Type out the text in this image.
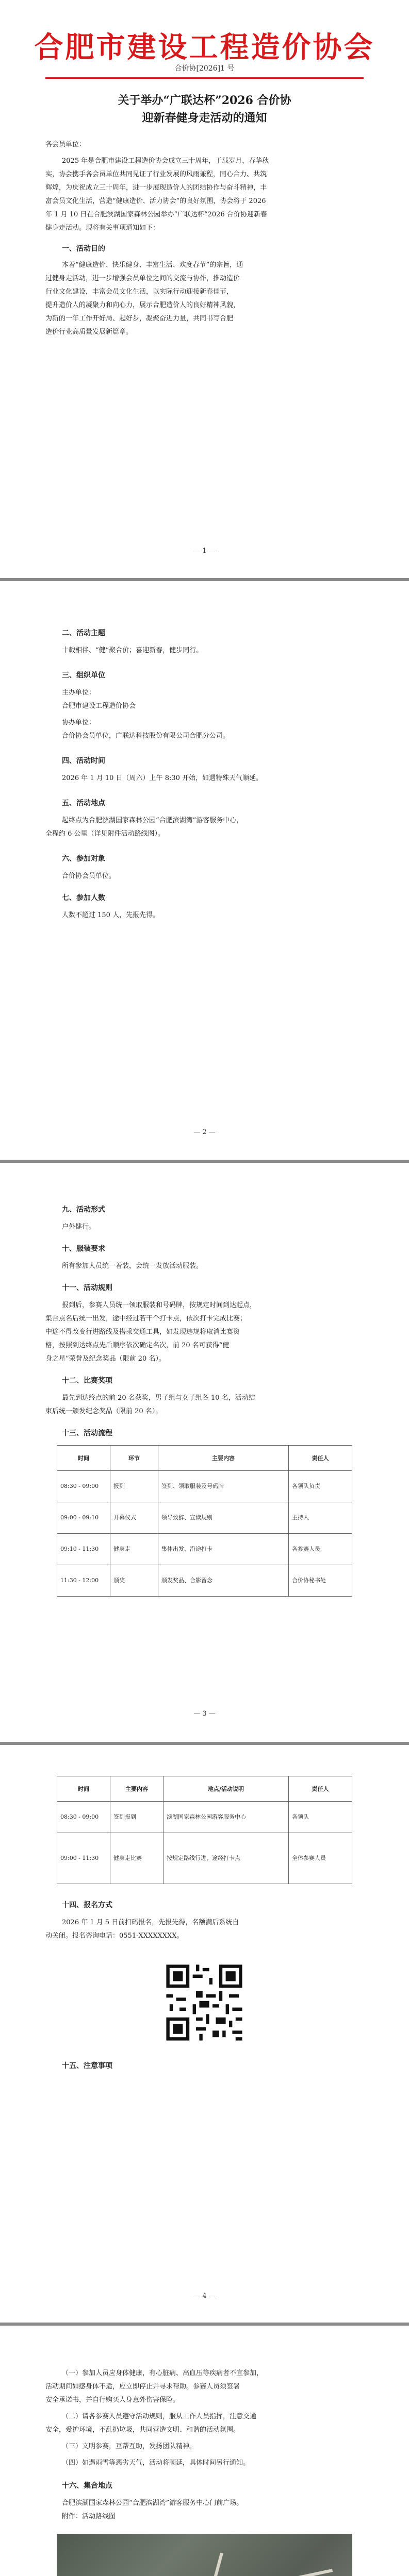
合肥市建设工程造价协会
合价协[2026]1 号
关于举办“广联达杯”2026 合价协
迎新春健身走活动的通知
各会员单位：
2025 年是合肥市建设工程造价协会成立三十周年，于载岁月，春华秋
实，协会携手各会员单位共同见证了行业发展的风雨兼程，同心合力、共筑
辉煌，为庆祝成立三十周年，进一步展现造价人的团结协作与奋斗精神，丰
富会员文化生活，营造“健康造价、活力协会”的良好氛围，协会将于 2026
年 1 月 10 日在合肥滨湖国家森林公园举办“广联达杯”2026 合价协迎新春
健身走活动。现将有关事项通知如下：
一、活动目的
本着“健康造价、快乐健身、丰富生活、欢度春节”的宗旨，通
过健身走活动，进一步增强会员单位之间的交流与协作，推动造价
行业文化建设，丰富会员文化生活，以实际行动迎接新春佳节，
提升造价人的凝聚力和向心力，展示合肥造价人的良好精神风貌，
为新的一年工作开好局、起好步，凝聚奋进力量，共同书写合肥
造价行业高质量发展新篇章。
— 1 —
二、活动主题
十载相伴、“健”聚合价；喜迎新春，健步同行。
三、组织单位
主办单位：
合肥市建设工程造价协会
协办单位：
合价协会员单位，广联达科技股份有限公司合肥分公司。
四、活动时间
2026 年 1 月 10 日（周六）上午 8:30 开始，如遇特殊天气顺延。
五、活动地点
起终点为合肥滨湖国家森林公园“合肥滨湖湾”游客服务中心，
全程约 6 公里（详见附件活动路线图）。
六、参加对象
合价协会员单位。
七、参加人数
人数不超过 150 人，先报先得。
— 2 —
九、活动形式
户外健行。
十、服装要求
所有参加人员统一着装，会统一发放活动服装。
十一、活动规则
报到后，参赛人员统一领取服装和号码牌，按规定时间到达起点，
集合点名后统一出发，途中经过若干个打卡点，依次打卡完成比赛；
中途不得改变行进路线及搭乘交通工具，如发现违规将取消比赛资
格，按照到达终点先后顺序依次确定名次，前 20 名可获得“健
身之星”荣誉及纪念奖品（限前 20 名）。
十二、比赛奖项
最先到达终点的前 20 名获奖，男子组与女子组各 10 名，活动结
束后统一颁发纪念奖品（限前 20 名）。
十三、活动流程
时间	环节	主要内容	责任人
08:30 - 09:00	报到	签到、领取服装及号码牌	各领队负责
09:00 - 09:10	开幕仪式	领导致辞、宣读规则	主持人
09:10 - 11:30	健身走	集体出发、沿途打卡	各参赛人员
11:30 - 12:00	颁奖	颁发奖品、合影留念	合价协秘书处
— 3 —
时间	主要内容	地点/活动说明	责任人
08:30 - 09:00	签到报到	滨湖国家森林公园游客服务中心	各领队
09:00 - 11:30	健身走比赛	按规定路线行进，途经打卡点	全体参赛人员
十四、报名方式
2026 年 1 月 5 日前扫码报名，先报先得，名额满后系统自
动关闭。报名咨询电话：0551-XXXXXXXX。
十五、注意事项
— 4 —
（一）参加人员应身体健康，有心脏病、高血压等疾病者不宜参加，
活动期间如感身体不适，应立即停止并寻求帮助。参赛人员须签署
安全承诺书，并自行购买人身意外伤害保险。
（二）请各参赛人员遵守活动规则，服从工作人员指挥，注意交通
安全，爱护环境，不乱扔垃圾，共同营造文明、和谐的活动氛围。
（三）文明参赛，互帮互助，发扬团队精神。
（四）如遇雨雪等恶劣天气，活动将顺延，具体时间另行通知。
十六、集合地点
合肥滨湖国家森林公园“合肥滨湖湾”游客服务中心门前广场。
附件：活动路线图
